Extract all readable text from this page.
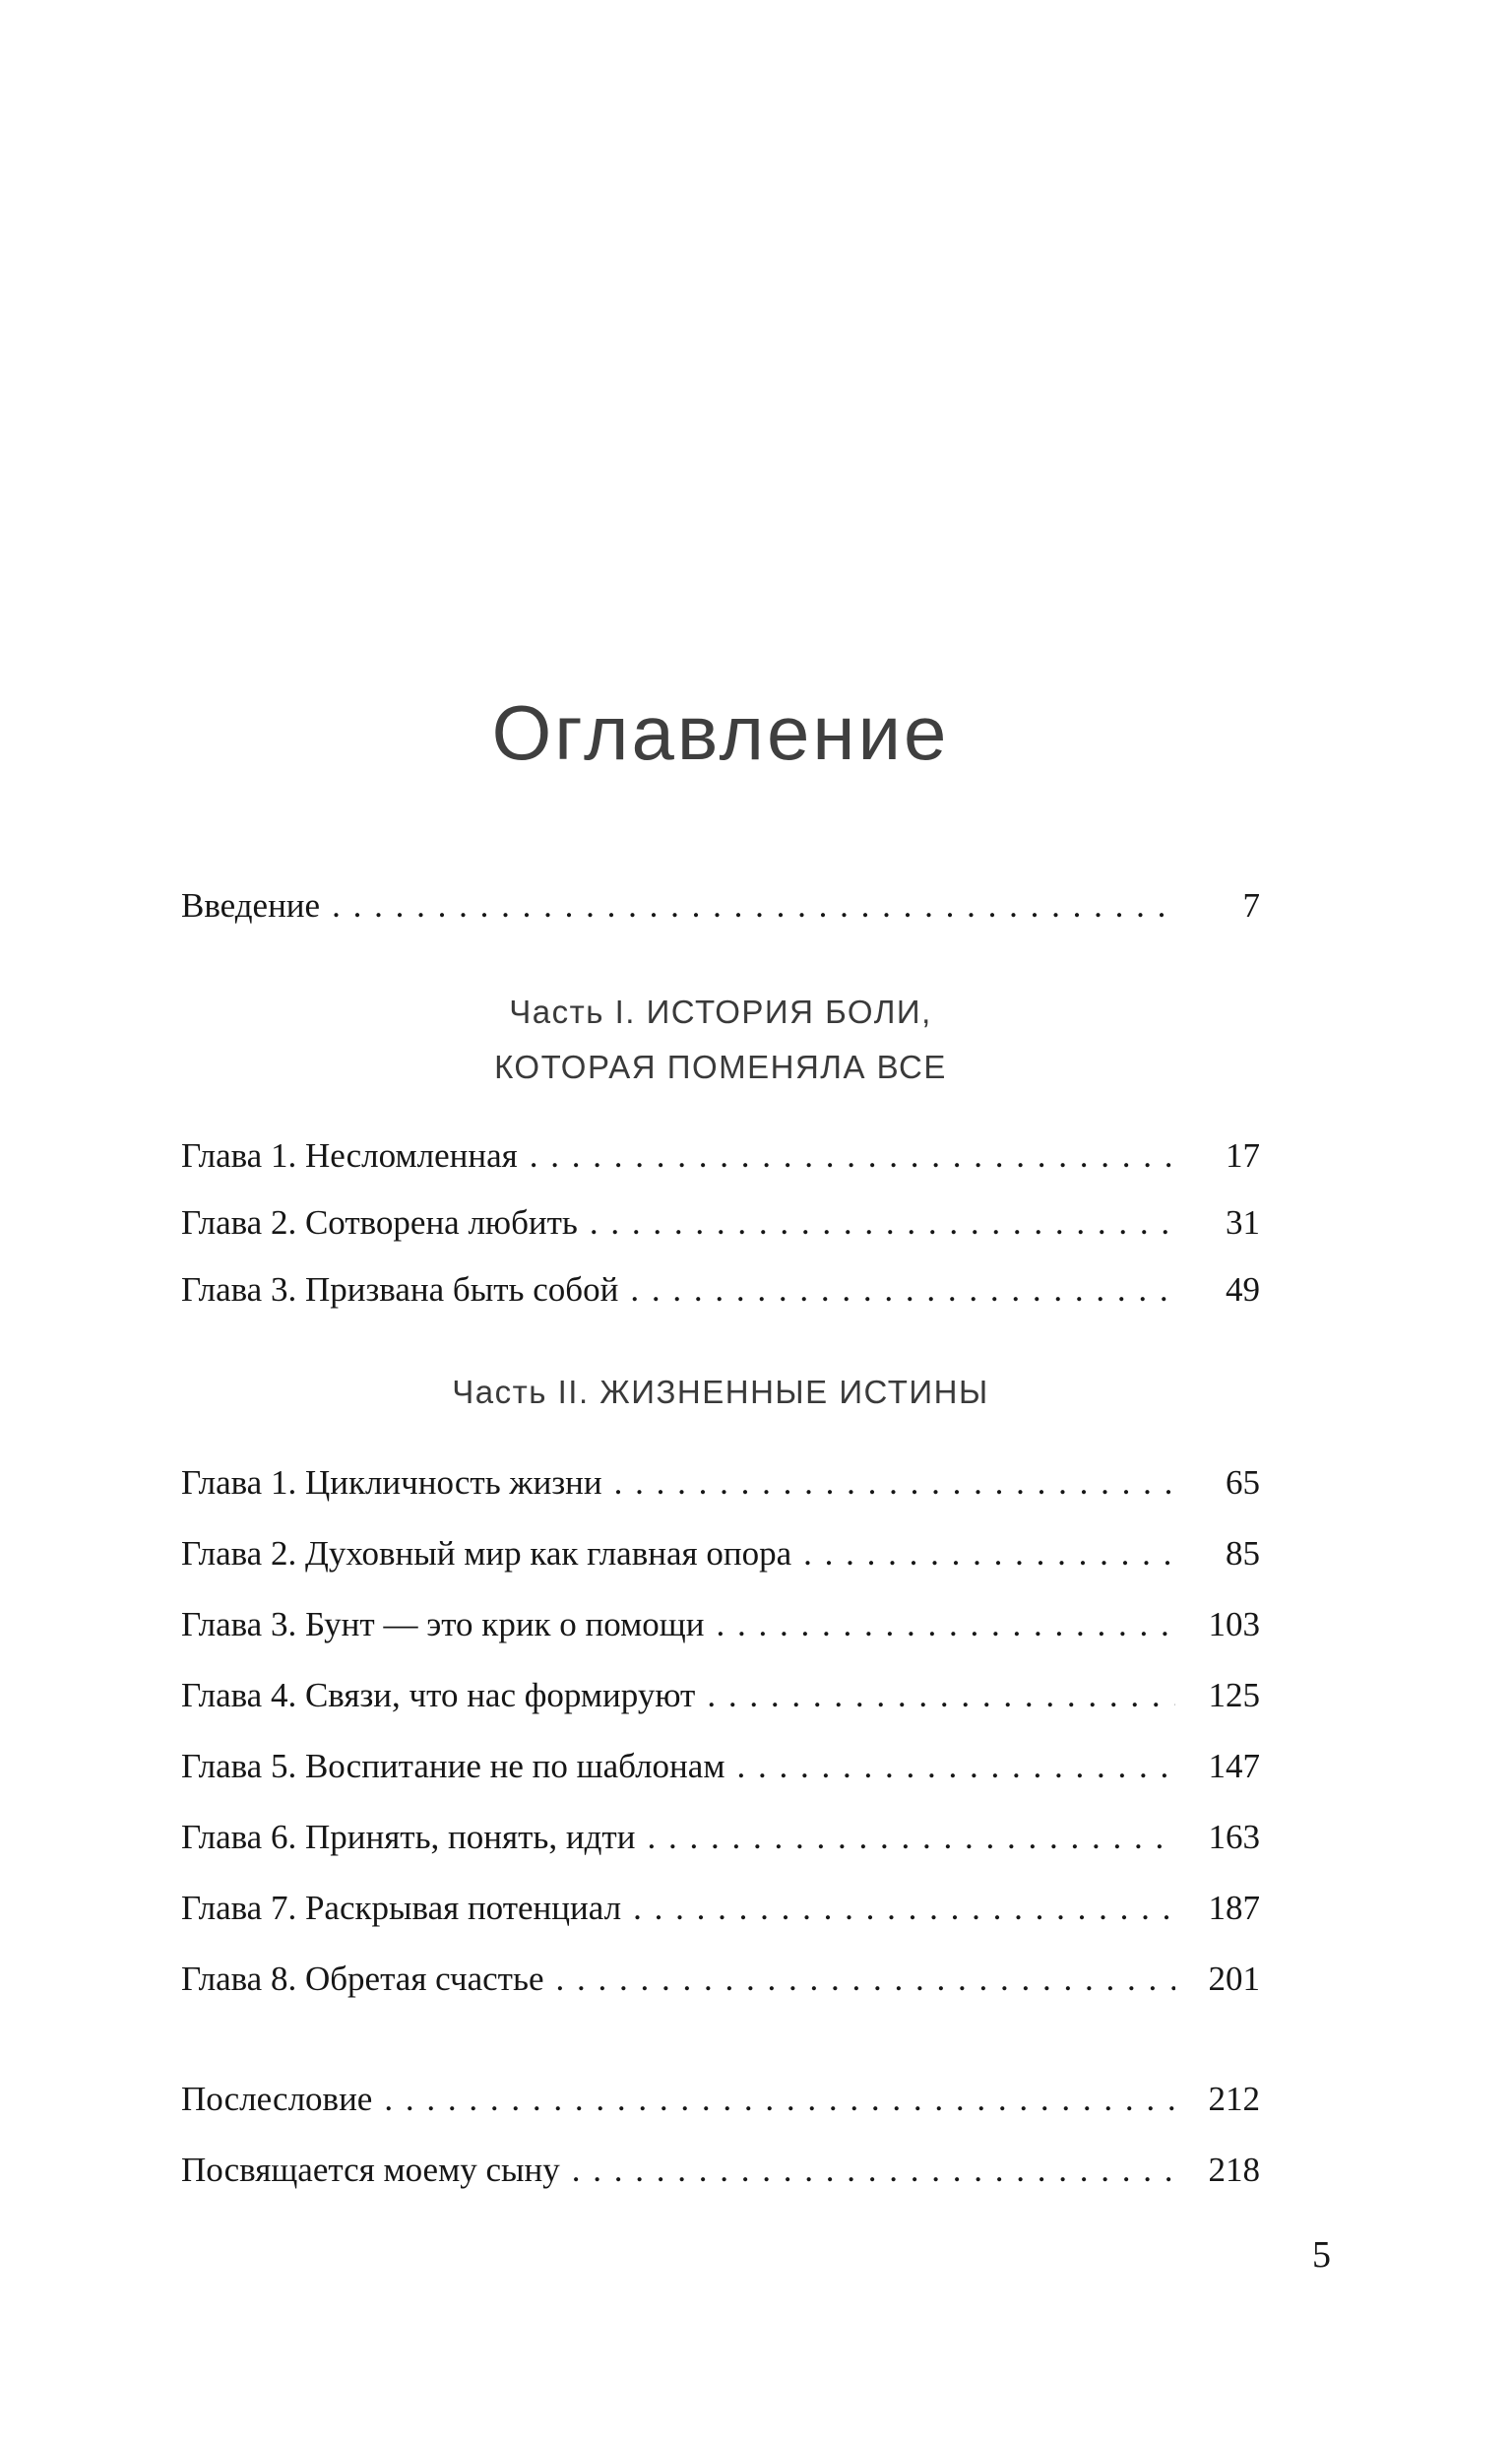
Оглавление
Введение . . .	7
Часть I. ИСТОРИЯ БОЛИ,
КОТОРАЯ ПОМЕНЯЛА ВСЕ
Глава 1. Несломленная . . .	17
Глава 2. Сотворена любить . . .	31
Глава 3. Призвана быть собой . . .	49
Часть II. ЖИЗНЕННЫЕ ИСТИНЫ
Глава 1. Цикличность жизни . . .	65
Глава 2. Духовный мир как главная опора . . .	85
Глава 3. Бунт — это крик о помощи . . .	103
Глава 4. Связи, что нас формируют . . .	125
Глава 5. Воспитание не по шаблонам . . .	147
Глава 6. Принять, понять, идти . . .	163
Глава 7. Раскрывая потенциал . . .	187
Глава 8. Обретая счастье . . .	201
Послесловие . . .	212
Посвящается моему сыну . . .	218
5
